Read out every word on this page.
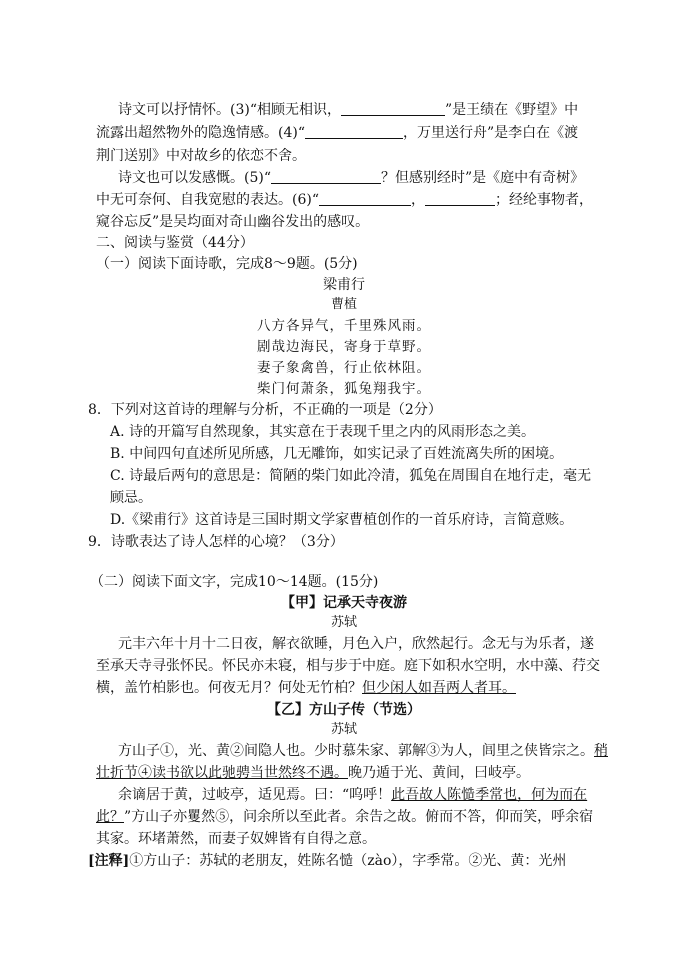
诗文可以抒情怀。(3)“相顾无相识，	”是王绩在《野望》中
流露出超然物外的隐逸情感。(4)“	，万里送行舟”是李白在《渡
荆门送别》中对故乡的依恋不舍。
诗文也可以发感慨。(5)“	？但感别经时”是《庭中有奇树》
中无可奈何、自我宽慰的表达。(6)“	，	；经纶事物者，
窥谷忘反”是吴均面对奇山幽谷发出的感叹。
二、阅读与鉴赏（44分）
（一）阅读下面诗歌，完成8～9题。(5分)
梁甫行
曹植
八方各异气，千里殊风雨。
剧哉边海民，寄身于草野。
妻子象禽兽，行止依林阻。
柴门何萧条，狐兔翔我宇。
8．下列对这首诗的理解与分析，不正确的一项是（2分）
A. 诗的开篇写自然现象，其实意在于表现千里之内的风雨形态之美。
B. 中间四句直述所见所感，几无雕饰，如实记录了百姓流离失所的困境。
C. 诗最后两句的意思是：简陋的柴门如此冷清，狐兔在周围自在地行走，毫无
顾忌。
D.《梁甫行》这首诗是三国时期文学家曹植创作的一首乐府诗，言简意赅。
9．诗歌表达了诗人怎样的心境？（3分）
（二）阅读下面文字，完成10～14题。(15分)
【甲】记承天寺夜游
苏轼
元丰六年十月十二日夜，解衣欲睡，月色入户，欣然起行。念无与为乐者，遂
至承天寺寻张怀民。怀民亦未寝，相与步于中庭。庭下如积水空明，水中藻、荇交
横，盖竹柏影也。何夜无月？何处无竹柏？但少闲人如吾两人者耳。
【乙】方山子传（节选）
苏轼
方山子①，光、黄②间隐人也。少时慕朱家、郭解③为人，闾里之侠皆宗之。稍
壮折节④读书欲以此驰骋当世然终不遇。晚乃遁于光、黄间，曰岐亭。
余谪居于黄，过岐亭，适见焉。曰：“呜呼！此吾故人陈慥季常也，何为而在
此？”方山子亦矍然⑤，问余所以至此者。余告之故。俯而不答，仰而笑，呼余宿
其家。环堵萧然，而妻子奴婢皆有自得之意。
[注释]①方山子：苏轼的老朋友，姓陈名慥（zào），字季常。②光、黄：光州
